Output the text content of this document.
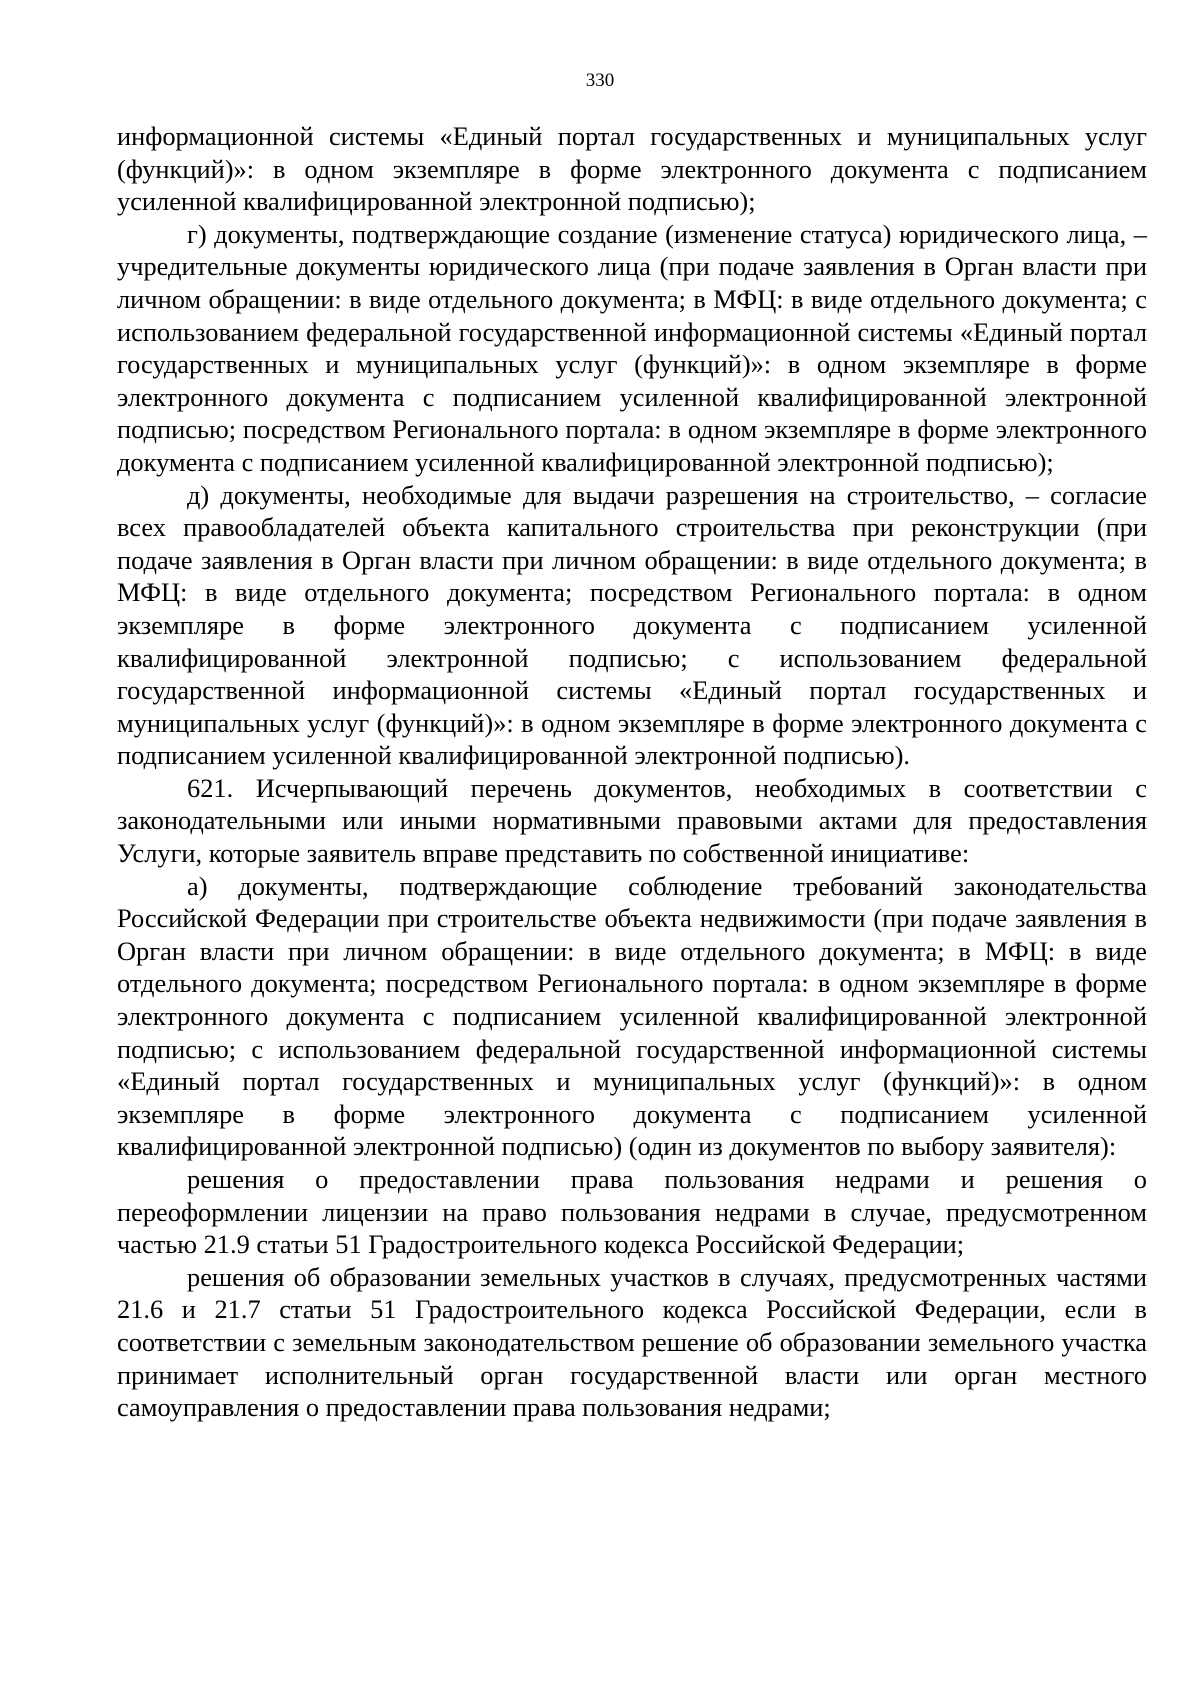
330

информационной системы «Единый портал государственных и муниципальных услуг (функций)»: в одном экземпляре в форме электронного документа с подписанием усиленной квалифицированной электронной подписью);

г) документы, подтверждающие создание (изменение статуса) юридического лица, – учредительные документы юридического лица (при подаче заявления в Орган власти при личном обращении: в виде отдельного документа; в МФЦ: в виде отдельного документа; с использованием федеральной государственной информационной системы «Единый портал государственных и муниципальных услуг (функций)»: в одном экземпляре в форме электронного документа с подписанием усиленной квалифицированной электронной подписью; посредством Регионального портала: в одном экземпляре в форме электронного документа с подписанием усиленной квалифицированной электронной подписью);

д) документы, необходимые для выдачи разрешения на строительство, – согласие всех правообладателей объекта капитального строительства при реконструкции (при подаче заявления в Орган власти при личном обращении: в виде отдельного документа; в МФЦ: в виде отдельного документа; посредством Регионального портала: в одном экземпляре в форме электронного документа с подписанием усиленной квалифицированной электронной подписью; с использованием федеральной государственной информационной системы «Единый портал государственных и муниципальных услуг (функций)»: в одном экземпляре в форме электронного документа с подписанием усиленной квалифицированной электронной подписью).

621. Исчерпывающий перечень документов, необходимых в соответствии с законодательными или иными нормативными правовыми актами для предоставления Услуги, которые заявитель вправе представить по собственной инициативе:

а) документы, подтверждающие соблюдение требований законодательства Российской Федерации при строительстве объекта недвижимости (при подаче заявления в Орган власти при личном обращении: в виде отдельного документа; в МФЦ: в виде отдельного документа; посредством Регионального портала: в одном экземпляре в форме электронного документа с подписанием усиленной квалифицированной электронной подписью; с использованием федеральной государственной информационной системы «Единый портал государственных и муниципальных услуг (функций)»: в одном экземпляре в форме электронного документа с подписанием усиленной квалифицированной электронной подписью) (один из документов по выбору заявителя):

решения о предоставлении права пользования недрами и решения о переоформлении лицензии на право пользования недрами в случае, предусмотренном частью 21.9 статьи 51 Градостроительного кодекса Российской Федерации;

решения об образовании земельных участков в случаях, предусмотренных частями 21.6 и 21.7 статьи 51 Градостроительного кодекса Российской Федерации, если в соответствии с земельным законодательством решение об образовании земельного участка принимает исполнительный орган государственной власти или орган местного самоуправления о предоставлении права пользования недрами;
